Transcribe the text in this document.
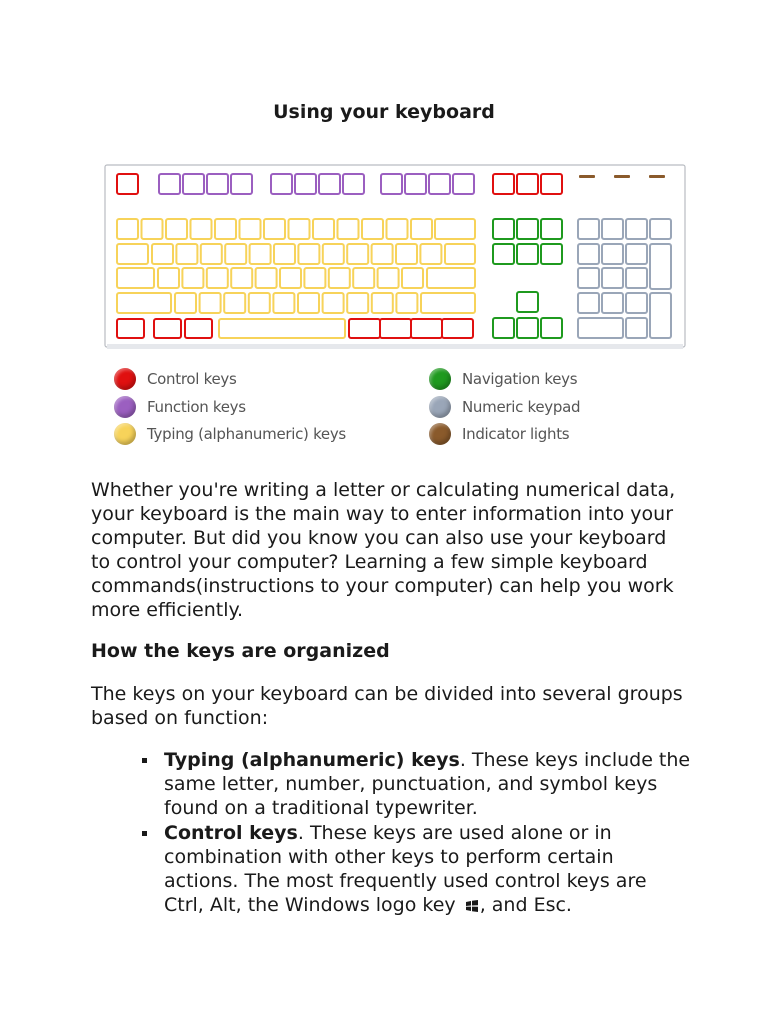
Using your keyboard
Control keys
Function keys
Typing (alphanumeric) keys
Navigation keys
Numeric keypad
Indicator lights

Whether you're writing a letter or calculating numerical data, your keyboard is the main way to enter information into your computer. But did you know you can also use your keyboard to control your computer? Learning a few simple keyboard commands(instructions to your computer) can help you work more efficiently.

How the keys are organized

The keys on your keyboard can be divided into several groups based on function:

Typing (alphanumeric) keys. These keys include the same letter, number, punctuation, and symbol keys found on a traditional typewriter.
Control keys. These keys are used alone or in combination with other keys to perform certain actions. The most frequently used control keys are Ctrl, Alt, the Windows logo key , and Esc.
